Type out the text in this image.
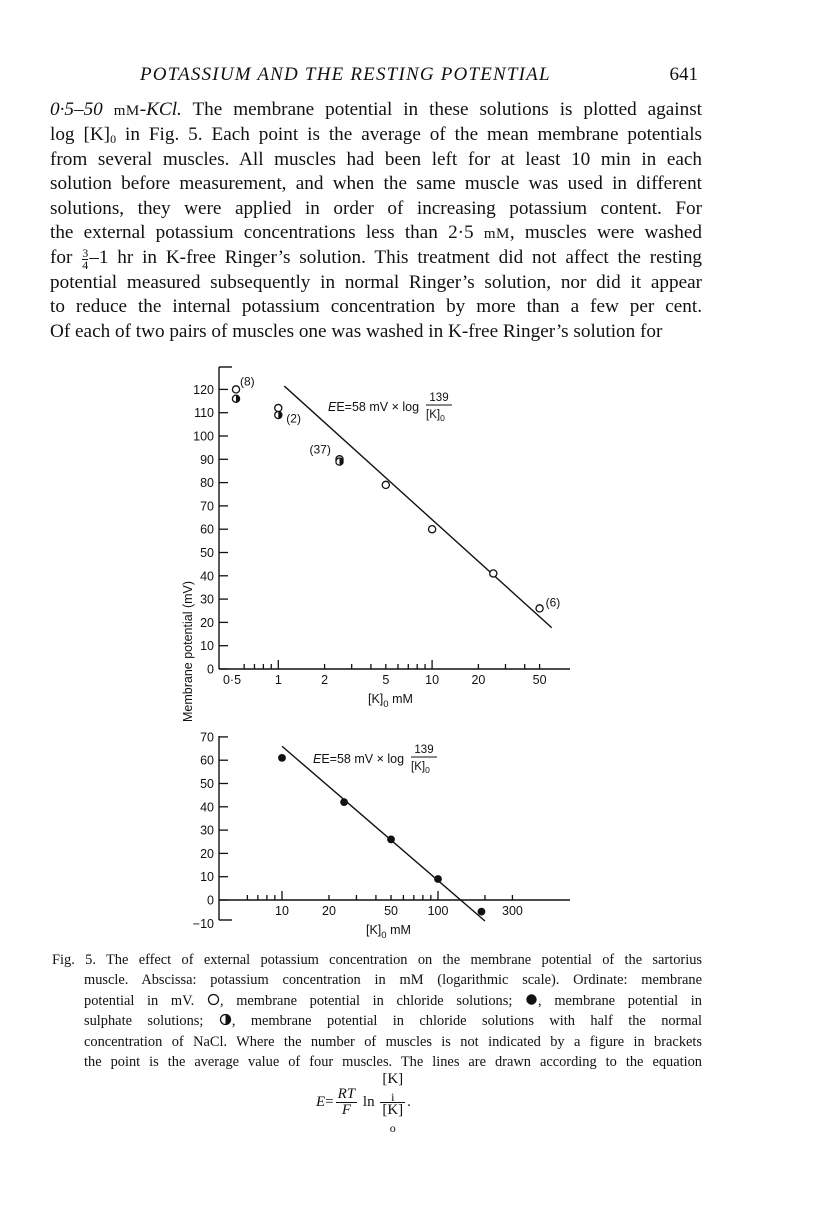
POTASSIUM AND THE RESTING POTENTIAL	641
0·5–50 mM-KCl. The membrane potential in these solutions is plotted against
$\log [K]_0$ in Fig. 5. Each point is the average of the mean membrane potentials
from several muscles. All muscles had been left for at least 10 min in each
solution before measurement, and when the same muscle was used in different
solutions, they were applied in order of increasing potassium content. For
the external potassium concentrations less than 2·5 mM, muscles were washed
for $\frac{3}{4} -1$ hr in K-free Ringer’s solution. This treatment did not affect the resting
potential measured subsequently in normal Ringer’s solution, nor did it appear
to reduce the internal potassium concentration by more than a few per cent.
Of each of two pairs of muscles one was washed in K-free Ringer’s solution for
Membrane potential (mV)
120
110
100
90
80
70
60
50
40
30
20
10
0
0·5	1	2	5	10	20	50
$[K]_0$ mM
EE=58 mV × log
139
$[K]_0$
(8)
(2)
(37)
(6)
70
60
50
40
30
20
10
0
−10
10	20	50 100	300
$[K]_0$ mM
EE=58 mV × log
139
$[K]_0$
Fig. 5. The effect of external potassium concentration on the membrane potential of the sartorius
muscle. Abscissa: potassium concentration in mM (logarithmic scale). Ordinate: membrane
potential in mV. , membrane potential in chloride solutions; , membrane potential in
sulphate solutions; , membrane potential in chloride solutions with half the normal
concentration of NaCl. Where the number of muscles is not indicated by a figure in brackets
the point is the average value of four muscles. The lines are drawn according to the equation
$E= \frac{RT}{F}$ ln [K]
$_i$
[K]
$_o$ .
